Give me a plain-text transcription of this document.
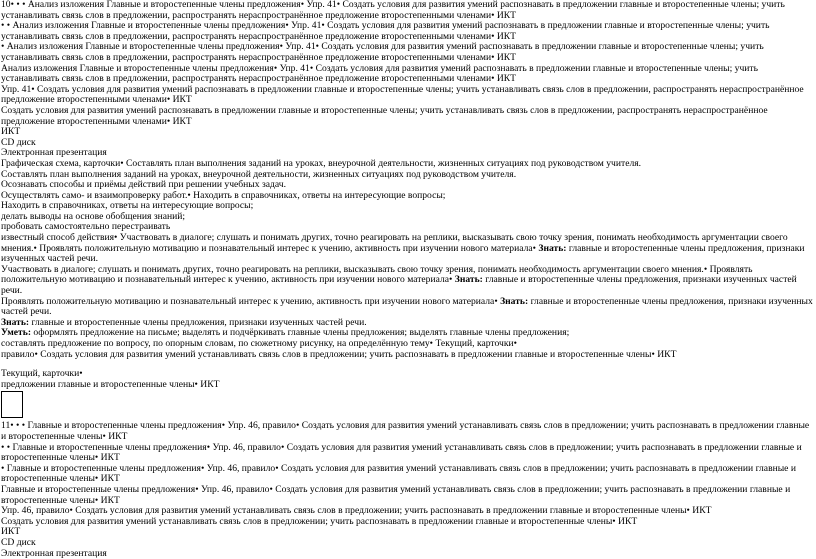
10• • • Анализ изложения Главные и второстепенные члены предложения• Упр. 41• Создать условия для развития умений распознавать в предложении главные и второстепенные члены; учить устанавливать связь слов в предложении, распространять нераспространённое предложение второстепенными членами• ИКТ

• • Анализ изложения Главные и второстепенные члены предложения• Упр. 41• Создать условия для развития умений распознавать в предложении главные и второстепенные члены; учить устанавливать связь слов в предложении, распространять нераспространённое предложение второстепенными членами• ИКТ

• Анализ изложения Главные и второстепенные члены предложения• Упр. 41• Создать условия для развития умений распознавать в предложении главные и второстепенные члены; учить устанавливать связь слов в предложении, распространять нераспространённое предложение второстепенными членами• ИКТ

Анализ изложения Главные и второстепенные члены предложения• Упр. 41• Создать условия для развития умений распознавать в предложении главные и второстепенные члены; учить устанавливать связь слов в предложении, распространять нераспространённое предложение второстепенными членами• ИКТ

Упр. 41• Создать условия для развития умений распознавать в предложении главные и второстепенные члены; учить устанавливать связь слов в предложении, распространять нераспространённое предложение второстепенными членами• ИКТ

Создать условия для развития умений распознавать в предложении главные и второстепенные члены; учить устанавливать связь слов в предложении, распространять нераспространённое предложение второстепенными членами• ИКТ

ИКТ

CD диск

Электронная презентация

Графическая схема, карточки• Составлять план выполнения заданий на уроках, внеурочной деятельности, жизненных ситуациях под руководством учителя.

Составлять план выполнения заданий на уроках, внеурочной деятельности, жизненных ситуациях под руководством учителя.

Осознавать способы и приёмы действий при решении учебных задач.

Осуществлять само- и взаимопроверку работ.• Находить в справочниках, ответы на интересующие вопросы;

Находить в справочниках, ответы на интересующие вопросы;

делать выводы на основе обобщения знаний;

пробовать самостоятельно перестраивать

известный способ действия• Участвовать в диалоге; слушать и понимать других, точно реагировать на реплики, высказывать свою точку зрения, понимать необходимость аргументации своего

мнения.• Проявлять положительную мотивацию и познавательный интерес к учению, активность при изучении нового материала• Знать: главные и второстепенные члены предложения, признаки изученных частей речи.

Участвовать в диалоге; слушать и понимать других, точно реагировать на реплики, высказывать свою точку зрения, понимать необходимость аргументации своего мнения.• Проявлять положительную мотивацию и познавательный интерес к учению, активность при изучении нового материала• Знать: главные и второстепенные члены предложения, признаки изученных частей речи.

Проявлять положительную мотивацию и познавательный интерес к учению, активность при изучении нового материала• Знать: главные и второстепенные члены предложения, признаки изученных частей речи.

Знать: главные и второстепенные члены предложения, признаки изученных частей речи.

Уметь: оформлять предложение на письме; выделять и подчёркивать главные члены предложения; выделять главные члены предложения;

составлять предложение по вопросу, по опорным словам, по сюжетному рисунку, на определённую тему• Текущий, карточки•

правило• Создать условия для развития умений устанавливать связь слов в предложении; учить распознавать в предложении главные и второстепенные члены• ИКТ

Текущий, карточки•

предложении главные и второстепенные члены• ИКТ

11• • • Главные и второстепенные члены предложения• Упр. 46, правило• Создать условия для развития умений устанавливать связь слов в предложении; учить распознавать в предложении главные и второстепенные члены• ИКТ

• • Главные и второстепенные члены предложения• Упр. 46, правило• Создать условия для развития умений устанавливать связь слов в предложении; учить распознавать в предложении главные и второстепенные члены• ИКТ

• Главные и второстепенные члены предложения• Упр. 46, правило• Создать условия для развития умений устанавливать связь слов в предложении; учить распознавать в предложении главные и второстепенные члены• ИКТ

Главные и второстепенные члены предложения• Упр. 46, правило• Создать условия для развития умений устанавливать связь слов в предложении; учить распознавать в предложении главные и второстепенные члены• ИКТ

Упр. 46, правило• Создать условия для развития умений устанавливать связь слов в предложении; учить распознавать в предложении главные и второстепенные члены• ИКТ

Создать условия для развития умений устанавливать связь слов в предложении; учить распознавать в предложении главные и второстепенные члены• ИКТ

ИКТ

CD диск

Электронная презентация
